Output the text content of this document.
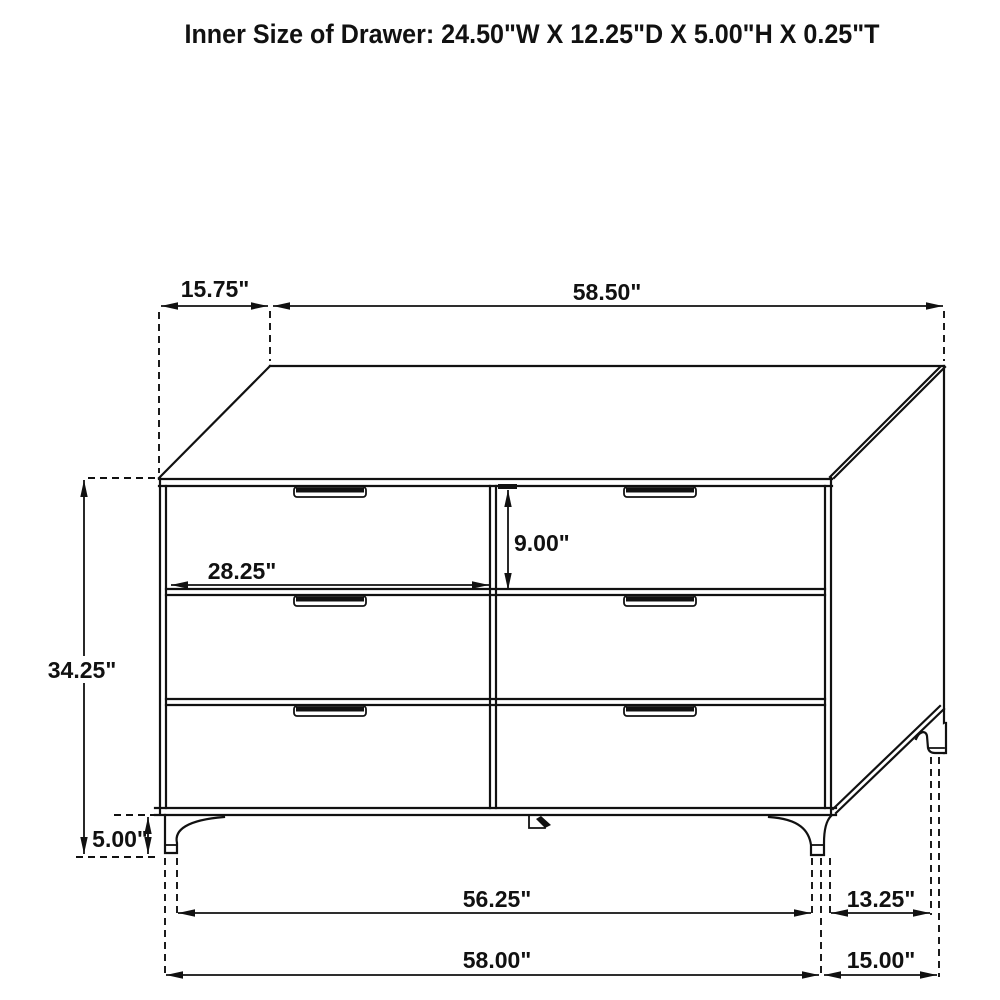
Inner Size of Drawer: 24.50"W X 12.25"D X 5.00"H X 0.25"T
15.75"	58.50"
28.25"
9.00"
34.25"
5.00"
56.25"	13.25"
58.00"	15.00"
